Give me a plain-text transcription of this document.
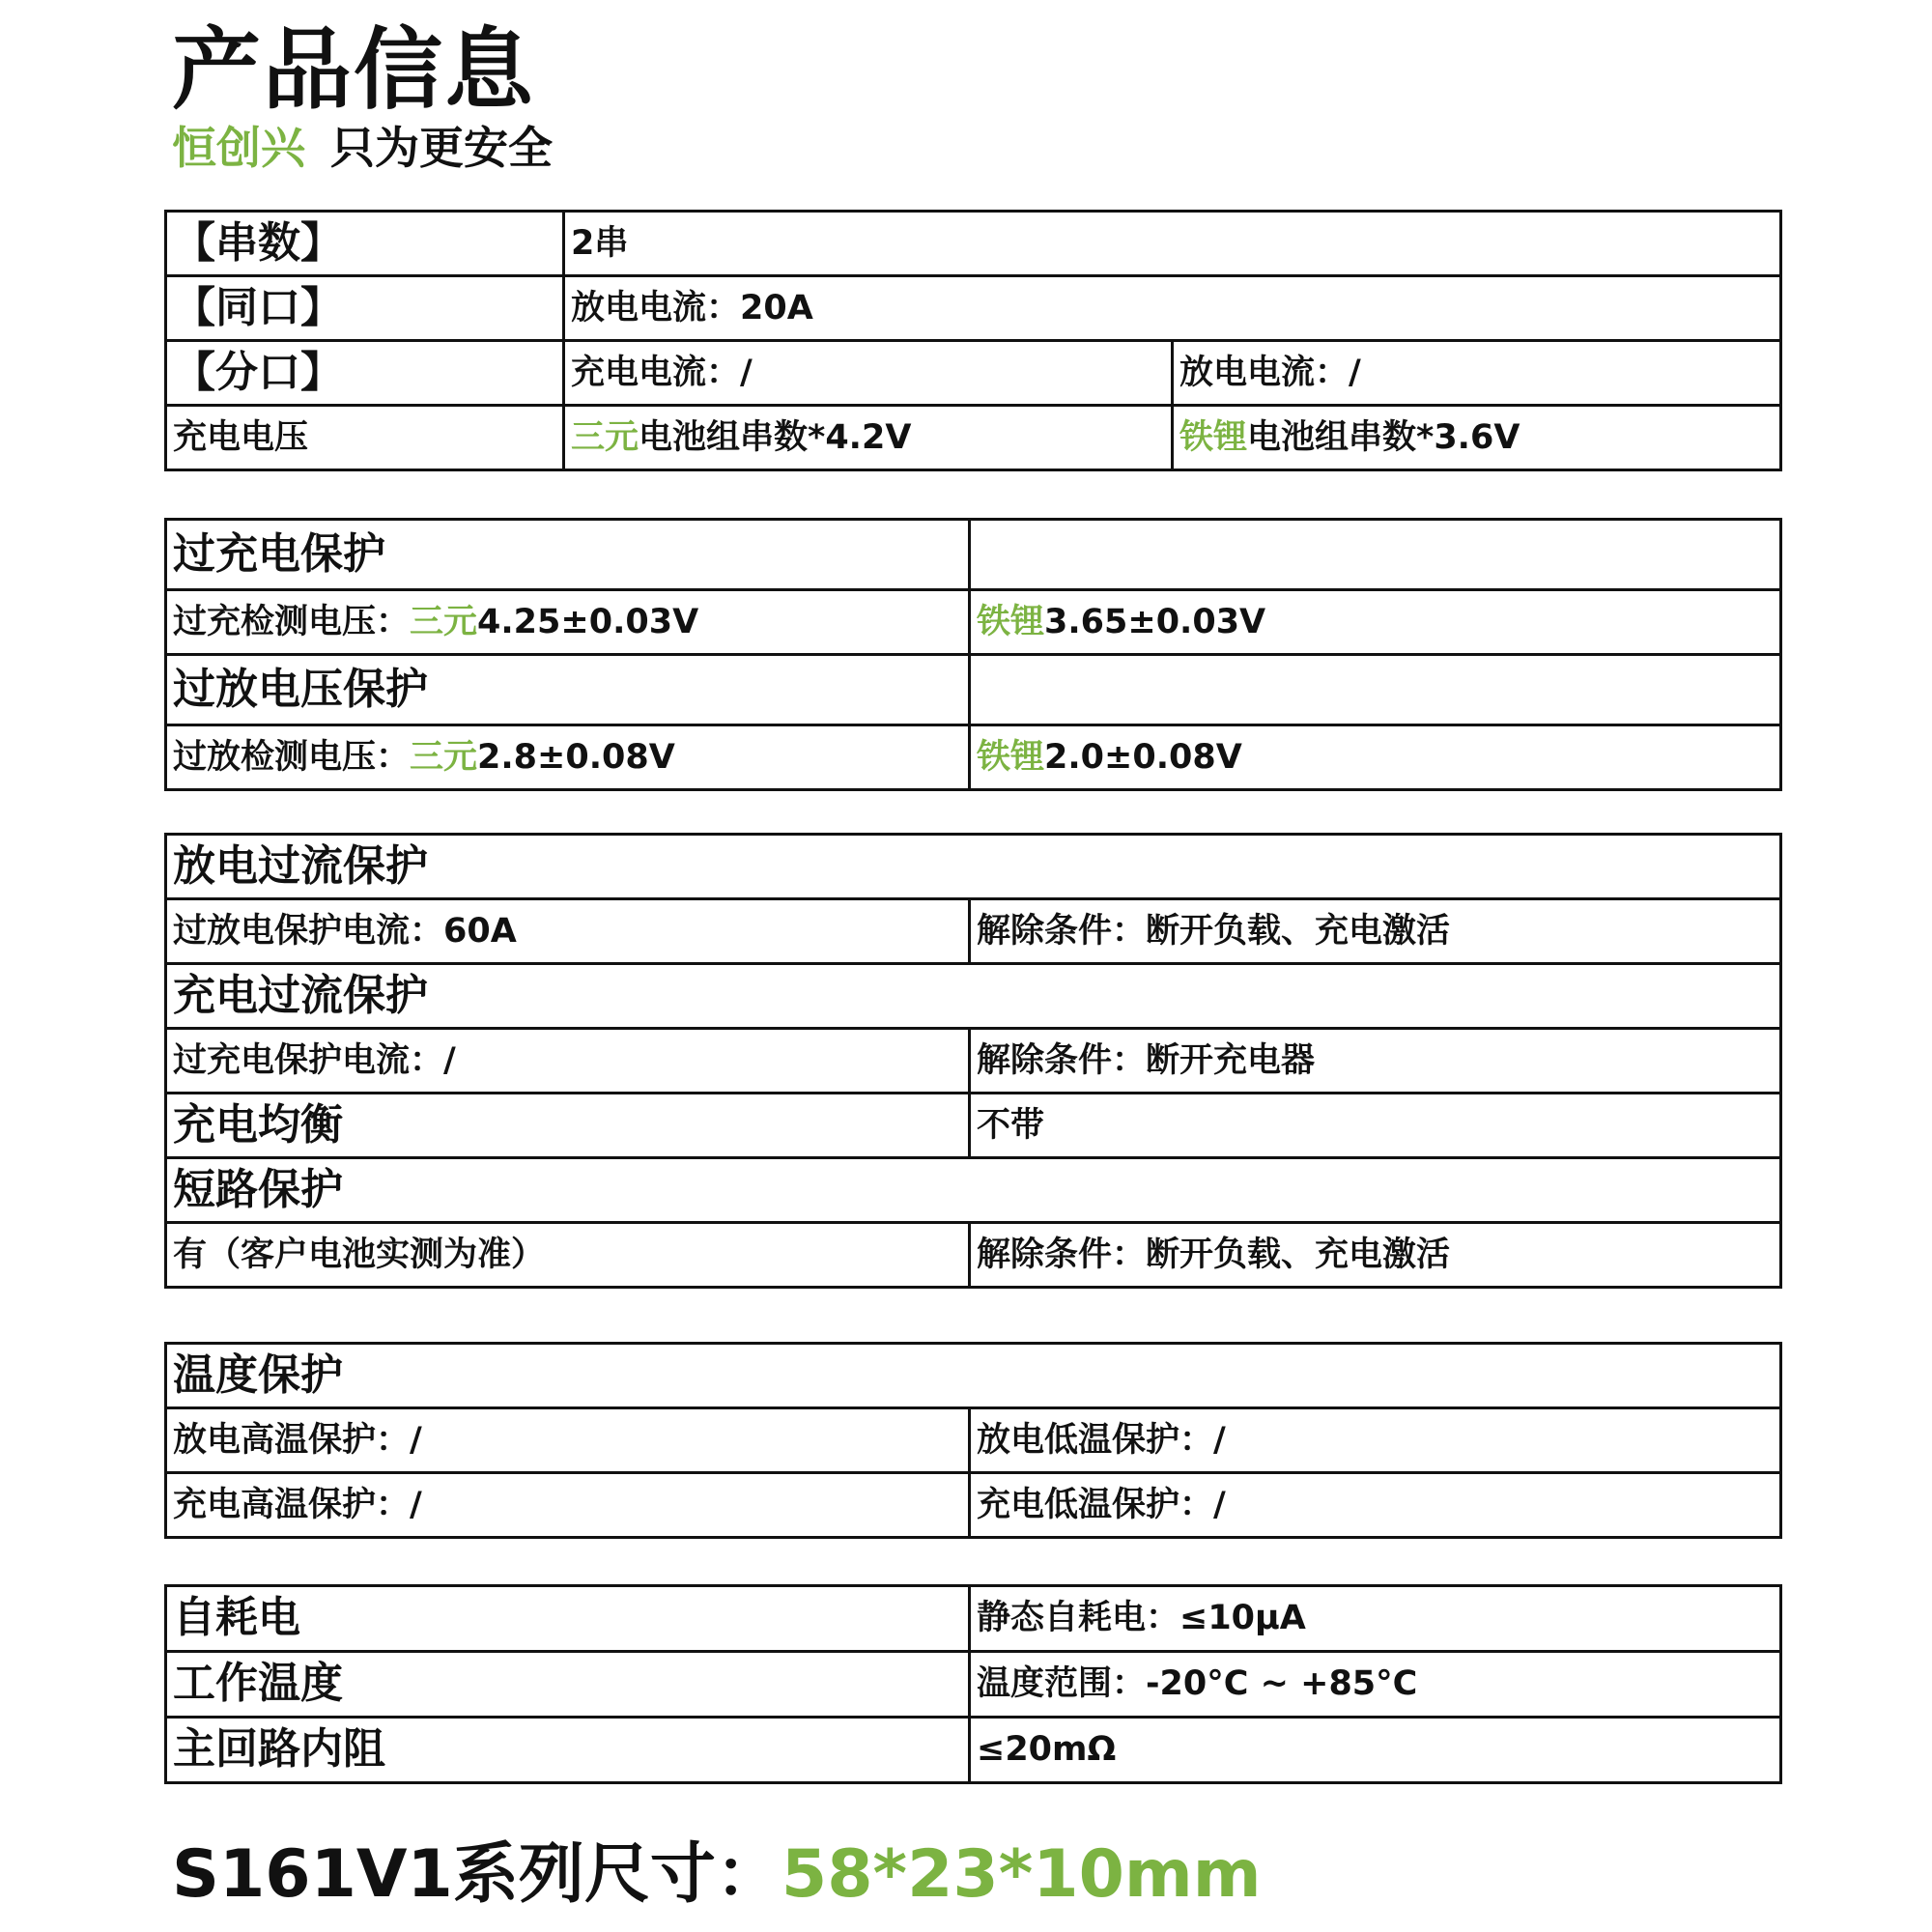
产品信息
恒创兴 只为更安全
【串数】	2串	
【同口】	放电电流：20A	
【分口】	充电电流：/	放电电流：/
充电电压	三元电池组串数*4.2V	铁锂电池组串数*3.6V
过充电保护	
过充检测电压：三元4.25±0.03V	铁锂3.65±0.03V
过放电压保护	
过放检测电压：三元2.8±0.08V	铁锂2.0±0.08V
放电过流保护	
过放电保护电流：60A	解除条件：断开负载、充电激活
充电过流保护	
过充电保护电流：/	解除条件：断开充电器
充电均衡	不带
短路保护	
有（客户电池实测为准）	解除条件：断开负载、充电激活
温度保护	
放电高温保护：/	放电低温保护：/
充电高温保护：/	充电低温保护：/
自耗电	静态自耗电：≤10μA
工作温度	温度范围：-20°C ~ +85°C
主回路内阻	≤20mΩ
S161V1系列尺寸：58*23*10mm
